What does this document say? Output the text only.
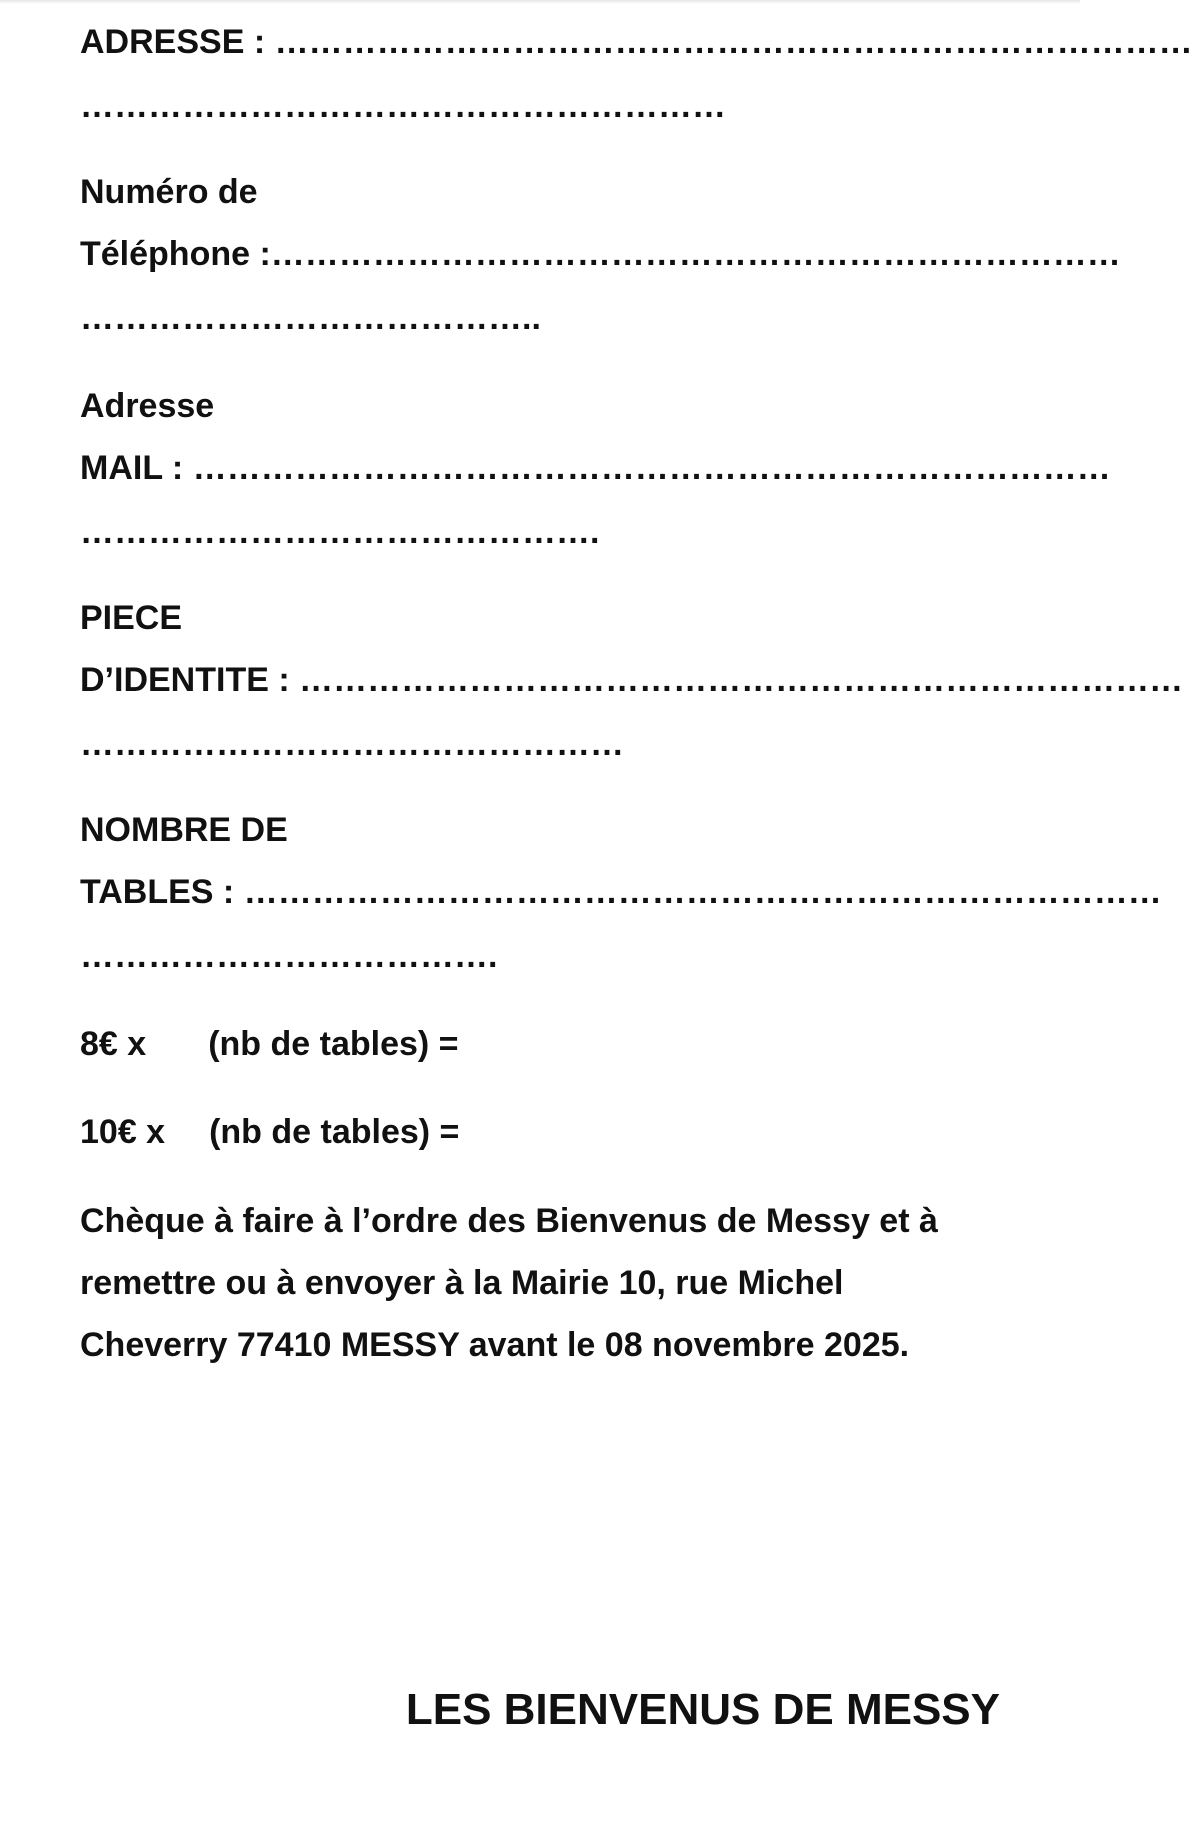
ADRESSE : ………………………………………………………………………
…………………………………………………
Numéro de
Téléphone :…………………………………………………………………
…………………………………..
Adresse
MAIL : ………………………………………………………………………
……………………………………….
PIECE
D’IDENTITE : ……………………………………………………………………
…………………………………………
NOMBRE DE
TABLES : ………………………………………………………………………
……………………………….
8€ x (nb de tables) =
10€ x (nb de tables) =
Chèque à faire à l’ordre des Bienvenus de Messy et à
remettre ou à envoyer à la Mairie 10, rue Michel
Cheverry 77410 MESSY avant le 08 novembre 2025.
LES BIENVENUS DE MESSY
